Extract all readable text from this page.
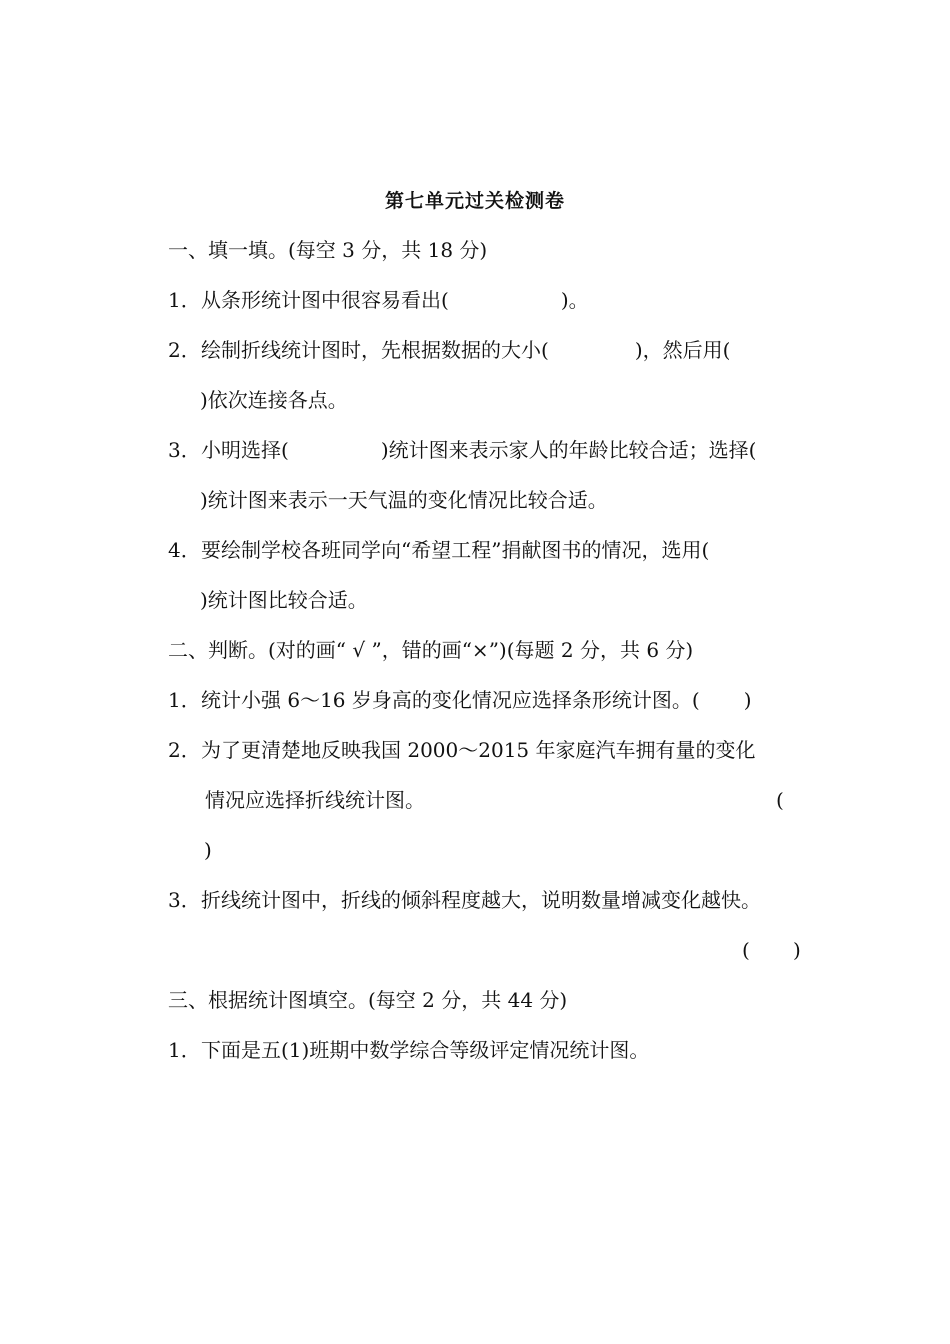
第七单元过关检测卷
一、填一填。(每空 3 分，共 18 分)
1．从条形统计图中很容易看出(	)。
2．绘制折线统计图时，先根据数据的大小(	)，然后用(
)依次连接各点。
3．小明选择(	)统计图来表示家人的年龄比较合适；选择(
)统计图来表示一天气温的变化情况比较合适。
4．要绘制学校各班同学向“希望工程”捐献图书的情况，选用(
)统计图比较合适。
二、判断。(对的画“ √ ”，错的画“×”)(每题 2 分，共 6 分)
1．统计小强 6～16 岁身高的变化情况应选择条形统计图。( )
2．为了更清楚地反映我国 2000～2015 年家庭汽车拥有量的变化
情况应选择折线统计图。	(
)
3．折线统计图中，折线的倾斜程度越大，说明数量增减变化越快。
( )
三、根据统计图填空。(每空 2 分，共 44 分)
1．下面是五(1)班期中数学综合等级评定情况统计图。
